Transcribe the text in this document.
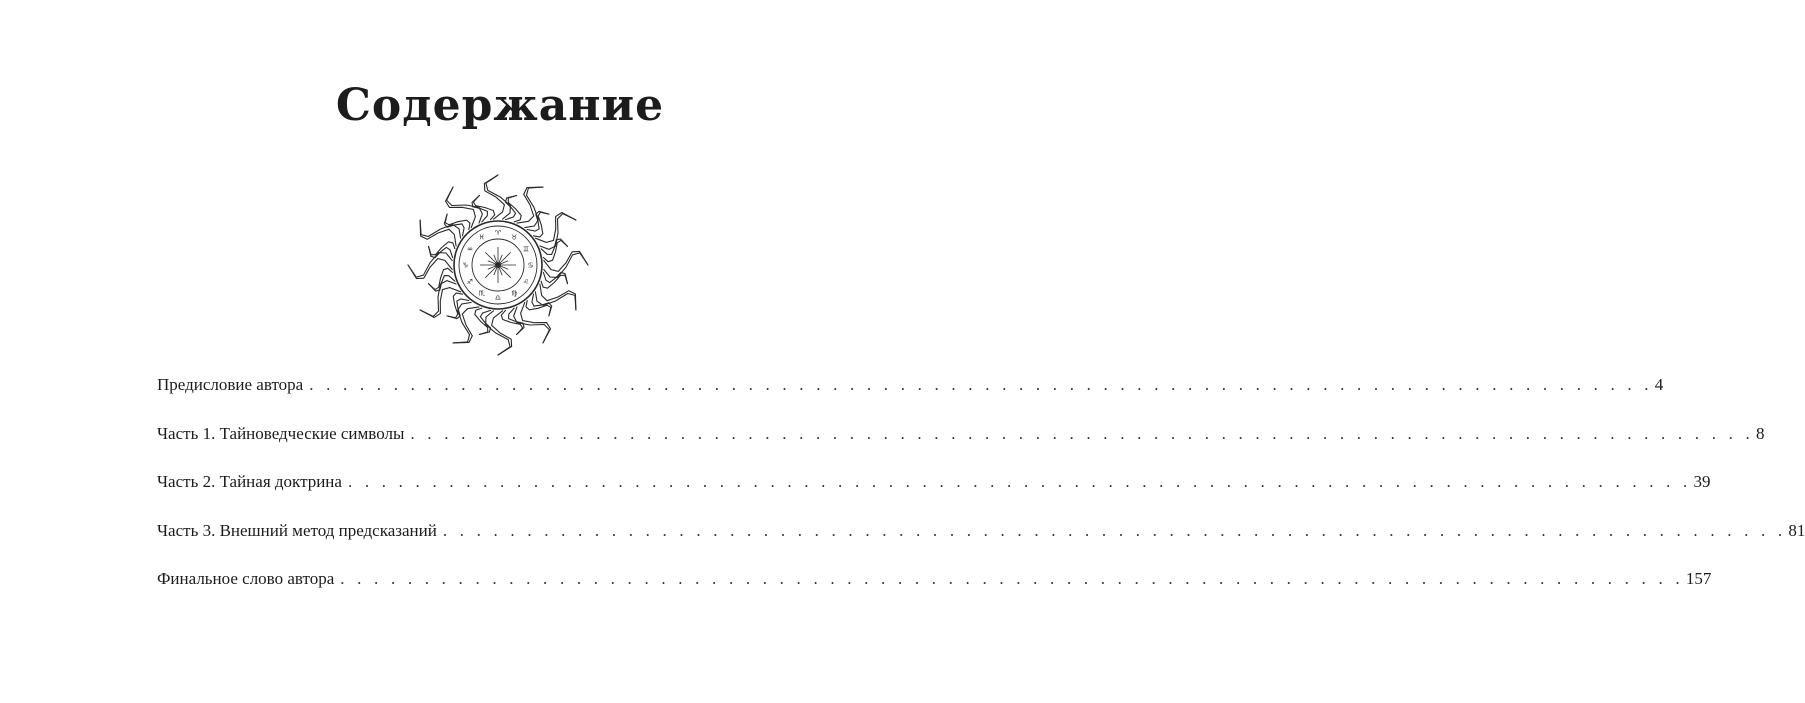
Содержание
♈
♉
♊
♋
♌
♍
♎
♏
♐
♑
♒
♓
Предисловие автора . . . . . . . . . . . . . . . . . . . . . . . . . . . . . . . . . . . . . . . . . . . . . . . . . . . . . . . . . . . . . . . . . . . . . . . . . . . . . . . . 4
Часть 1. Тайноведческие символы . . . . . . . . . . . . . . . . . . . . . . . . . . . . . . . . . . . . . . . . . . . . . . . . . . . . . . . . . . . . . . . . . . . . . . . . . . . . . . . . 8
Часть 2. Тайная доктрина . . . . . . . . . . . . . . . . . . . . . . . . . . . . . . . . . . . . . . . . . . . . . . . . . . . . . . . . . . . . . . . . . . . . . . . . . . . . . . . . 39
Часть 3. Внешний метод предсказаний . . . . . . . . . . . . . . . . . . . . . . . . . . . . . . . . . . . . . . . . . . . . . . . . . . . . . . . . . . . . . . . . . . . . . . . . . . . . . . . . 81
Финальное слово автора . . . . . . . . . . . . . . . . . . . . . . . . . . . . . . . . . . . . . . . . . . . . . . . . . . . . . . . . . . . . . . . . . . . . . . . . . . . . . . . . 157
